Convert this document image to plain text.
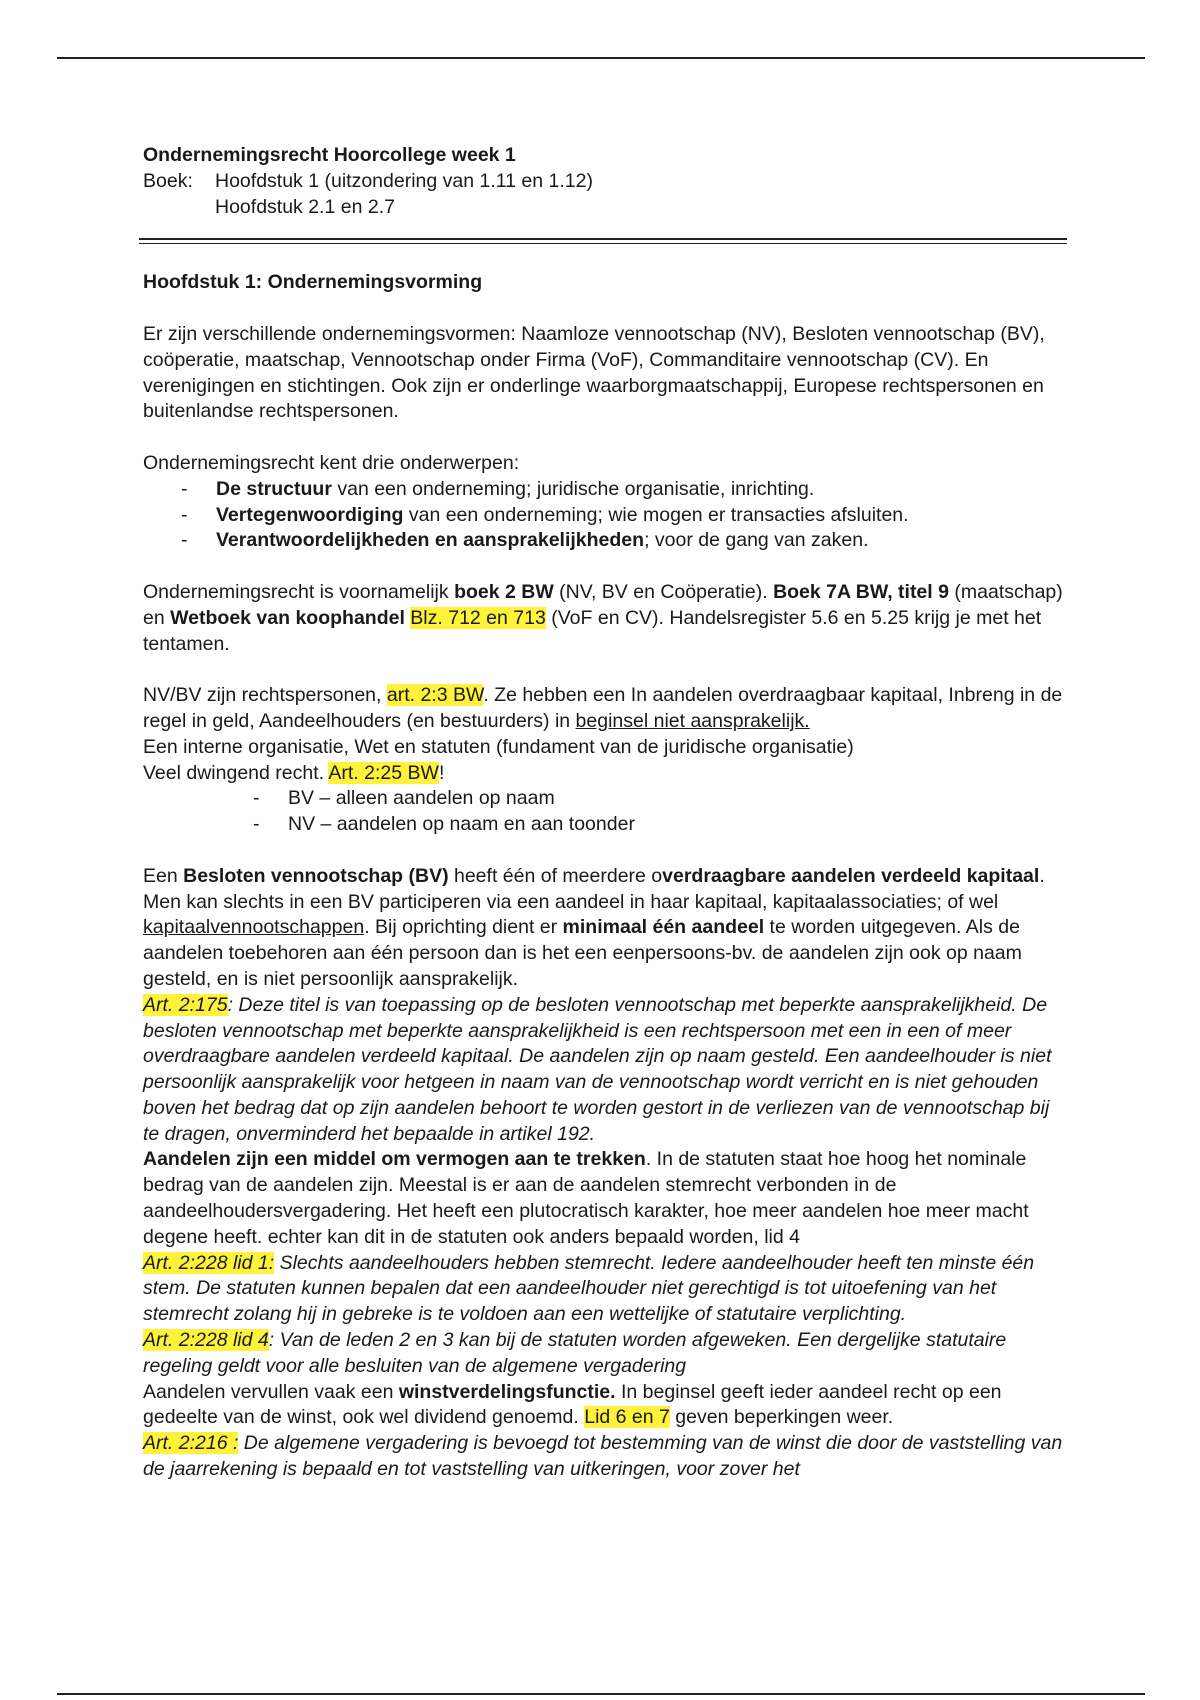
Ondernemingsrecht Hoorcollege week 1

Boek:	Hoofdstuk 1 (uitzondering van 1.11 en 1.12)
Hoofdstuk 2.1 en 2.7

Hoofdstuk 1: Ondernemingsvorming

Er zijn verschillende ondernemingsvormen: Naamloze vennootschap (NV), Besloten vennootschap (BV), coöperatie, maatschap, Vennootschap onder Firma (VoF), Commanditaire vennootschap (CV). En verenigingen en stichtingen. Ook zijn er onderlinge waarborgmaatschappij, Europese rechtspersonen en buitenlandse rechtspersonen.

Ondernemingsrecht kent drie onderwerpen:

- De structuur van een onderneming; juridische organisatie, inrichting.
- Vertegenwoordiging van een onderneming; wie mogen er transacties afsluiten.
- Verantwoordelijkheden en aansprakelijkheden; voor de gang van zaken.

Ondernemingsrecht is voornamelijk boek 2 BW (NV, BV en Coöperatie). Boek 7A BW, titel 9 (maatschap) en Wetboek van koophandel Blz. 712 en 713 (VoF en CV). Handelsregister 5.6 en 5.25 krijg je met het tentamen.

NV/BV zijn rechtspersonen, art. 2:3 BW. Ze hebben een In aandelen overdraagbaar kapitaal, Inbreng in de regel in geld, Aandeelhouders (en bestuurders) in beginsel niet aansprakelijk.

Een interne organisatie, Wet en statuten (fundament van de juridische organisatie)

Veel dwingend recht. Art. 2:25 BW!

- BV – alleen aandelen op naam
- NV – aandelen op naam en aan toonder

Een Besloten vennootschap (BV) heeft één of meerdere overdraagbare aandelen verdeeld kapitaal. Men kan slechts in een BV participeren via een aandeel in haar kapitaal, kapitaalassociaties; of wel kapitaalvennootschappen. Bij oprichting dient er minimaal één aandeel te worden uitgegeven. Als de aandelen toebehoren aan één persoon dan is het een eenpersoons-bv. de aandelen zijn ook op naam gesteld, en is niet persoonlijk aansprakelijk.

Art. 2:175: Deze titel is van toepassing op de besloten vennootschap met beperkte aansprakelijkheid. De besloten vennootschap met beperkte aansprakelijkheid is een rechtspersoon met een in een of meer overdraagbare aandelen verdeeld kapitaal. De aandelen zijn op naam gesteld. Een aandeelhouder is niet persoonlijk aansprakelijk voor hetgeen in naam van de vennootschap wordt verricht en is niet gehouden boven het bedrag dat op zijn aandelen behoort te worden gestort in de verliezen van de vennootschap bij te dragen, onverminderd het bepaalde in artikel 192.

Aandelen zijn een middel om vermogen aan te trekken. In de statuten staat hoe hoog het nominale bedrag van de aandelen zijn. Meestal is er aan de aandelen stemrecht verbonden in de aandeelhoudersvergadering. Het heeft een plutocratisch karakter, hoe meer aandelen hoe meer macht degene heeft. echter kan dit in de statuten ook anders bepaald worden, lid 4

Art. 2:228 lid 1: Slechts aandeelhouders hebben stemrecht. Iedere aandeelhouder heeft ten minste één stem. De statuten kunnen bepalen dat een aandeelhouder niet gerechtigd is tot uitoefening van het stemrecht zolang hij in gebreke is te voldoen aan een wettelijke of statutaire verplichting.

Art. 2:228 lid 4: Van de leden 2 en 3 kan bij de statuten worden afgeweken. Een dergelijke statutaire regeling geldt voor alle besluiten van de algemene vergadering

Aandelen vervullen vaak een winstverdelingsfunctie. In beginsel geeft ieder aandeel recht op een gedeelte van de winst, ook wel dividend genoemd. Lid 6 en 7 geven beperkingen weer.

Art. 2:216 : De algemene vergadering is bevoegd tot bestemming van de winst die door de vaststelling van de jaarrekening is bepaald en tot vaststelling van uitkeringen, voor zover het
